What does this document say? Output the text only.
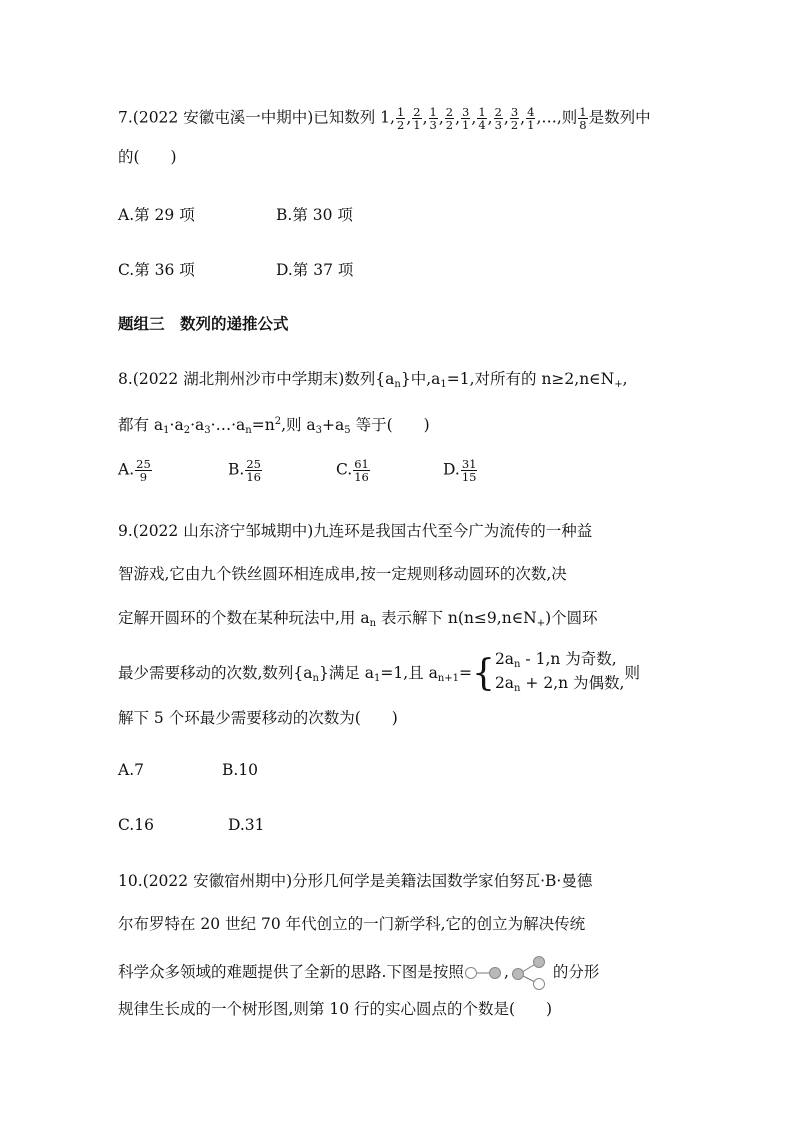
7.(2022 安徽屯溪一中期中)已知数列 1, $\frac{1}{2}$ , $\frac{2}{1}$ , $\frac{1}{3}$ , $\frac{2}{2}$ , $\frac{3}{1}$ , $\frac{1}{4}$ , $\frac{2}{3}$ , $\frac{3}{2}$ , $\frac{4}{1}$ ,…,则 $\frac{1}{8}$ 是数列中
的(　　)
A.第 29 项	B.第 30 项
C.第 36 项	D.第 37 项
题组三　数列的递推公式
8.(2022 湖北荆州沙市中学期末)数列$\{a_n\}$中$,a_1=1$,对所有的 $n\ge 2,n\in N_+$,
都有 $a_1\cdot a_2\cdot a_3\cdot\dots\cdot a_n=n^2$,则 $a_3+a_5$ 等于(　　)
A. $\frac{25}{9}$	B. $\frac{25}{16}$	C. $\frac{61}{16}$	D. $\frac{31}{15}$
9.(2022 山东济宁邹城期中)九连环是我国古代至今广为流传的一种益
智游戏,它由九个铁丝圆环相连成串,按一定规则移动圆环的次数,决
定解开圆环的个数在某种玩法中,用 $a_n$ 表示解下 $n(n\le 9,n\in N_+)$个圆环
最少需要移动的次数,数列$\{a_n\}$满足 $a_1=1$,且 $a_{n+1}=${ $2a_n - 1,n$ 为奇数,
$2a_n + 2,n$ 为偶数,
则
解下 5 个环最少需要移动的次数为(　　)
A.7	B.10
C.16	D.31
10.(2022 安徽宿州期中)分形几何学是美籍法国数学家伯努瓦·B·曼德
尔布罗特在 20 世纪 70 年代创立的一门新学科,它的创立为解决传统
科学众多领域的难题提供了全新的思路.下图是按照	,	的分形
规律生长成的一个树形图,则第 10 行的实心圆点的个数是(　　)
